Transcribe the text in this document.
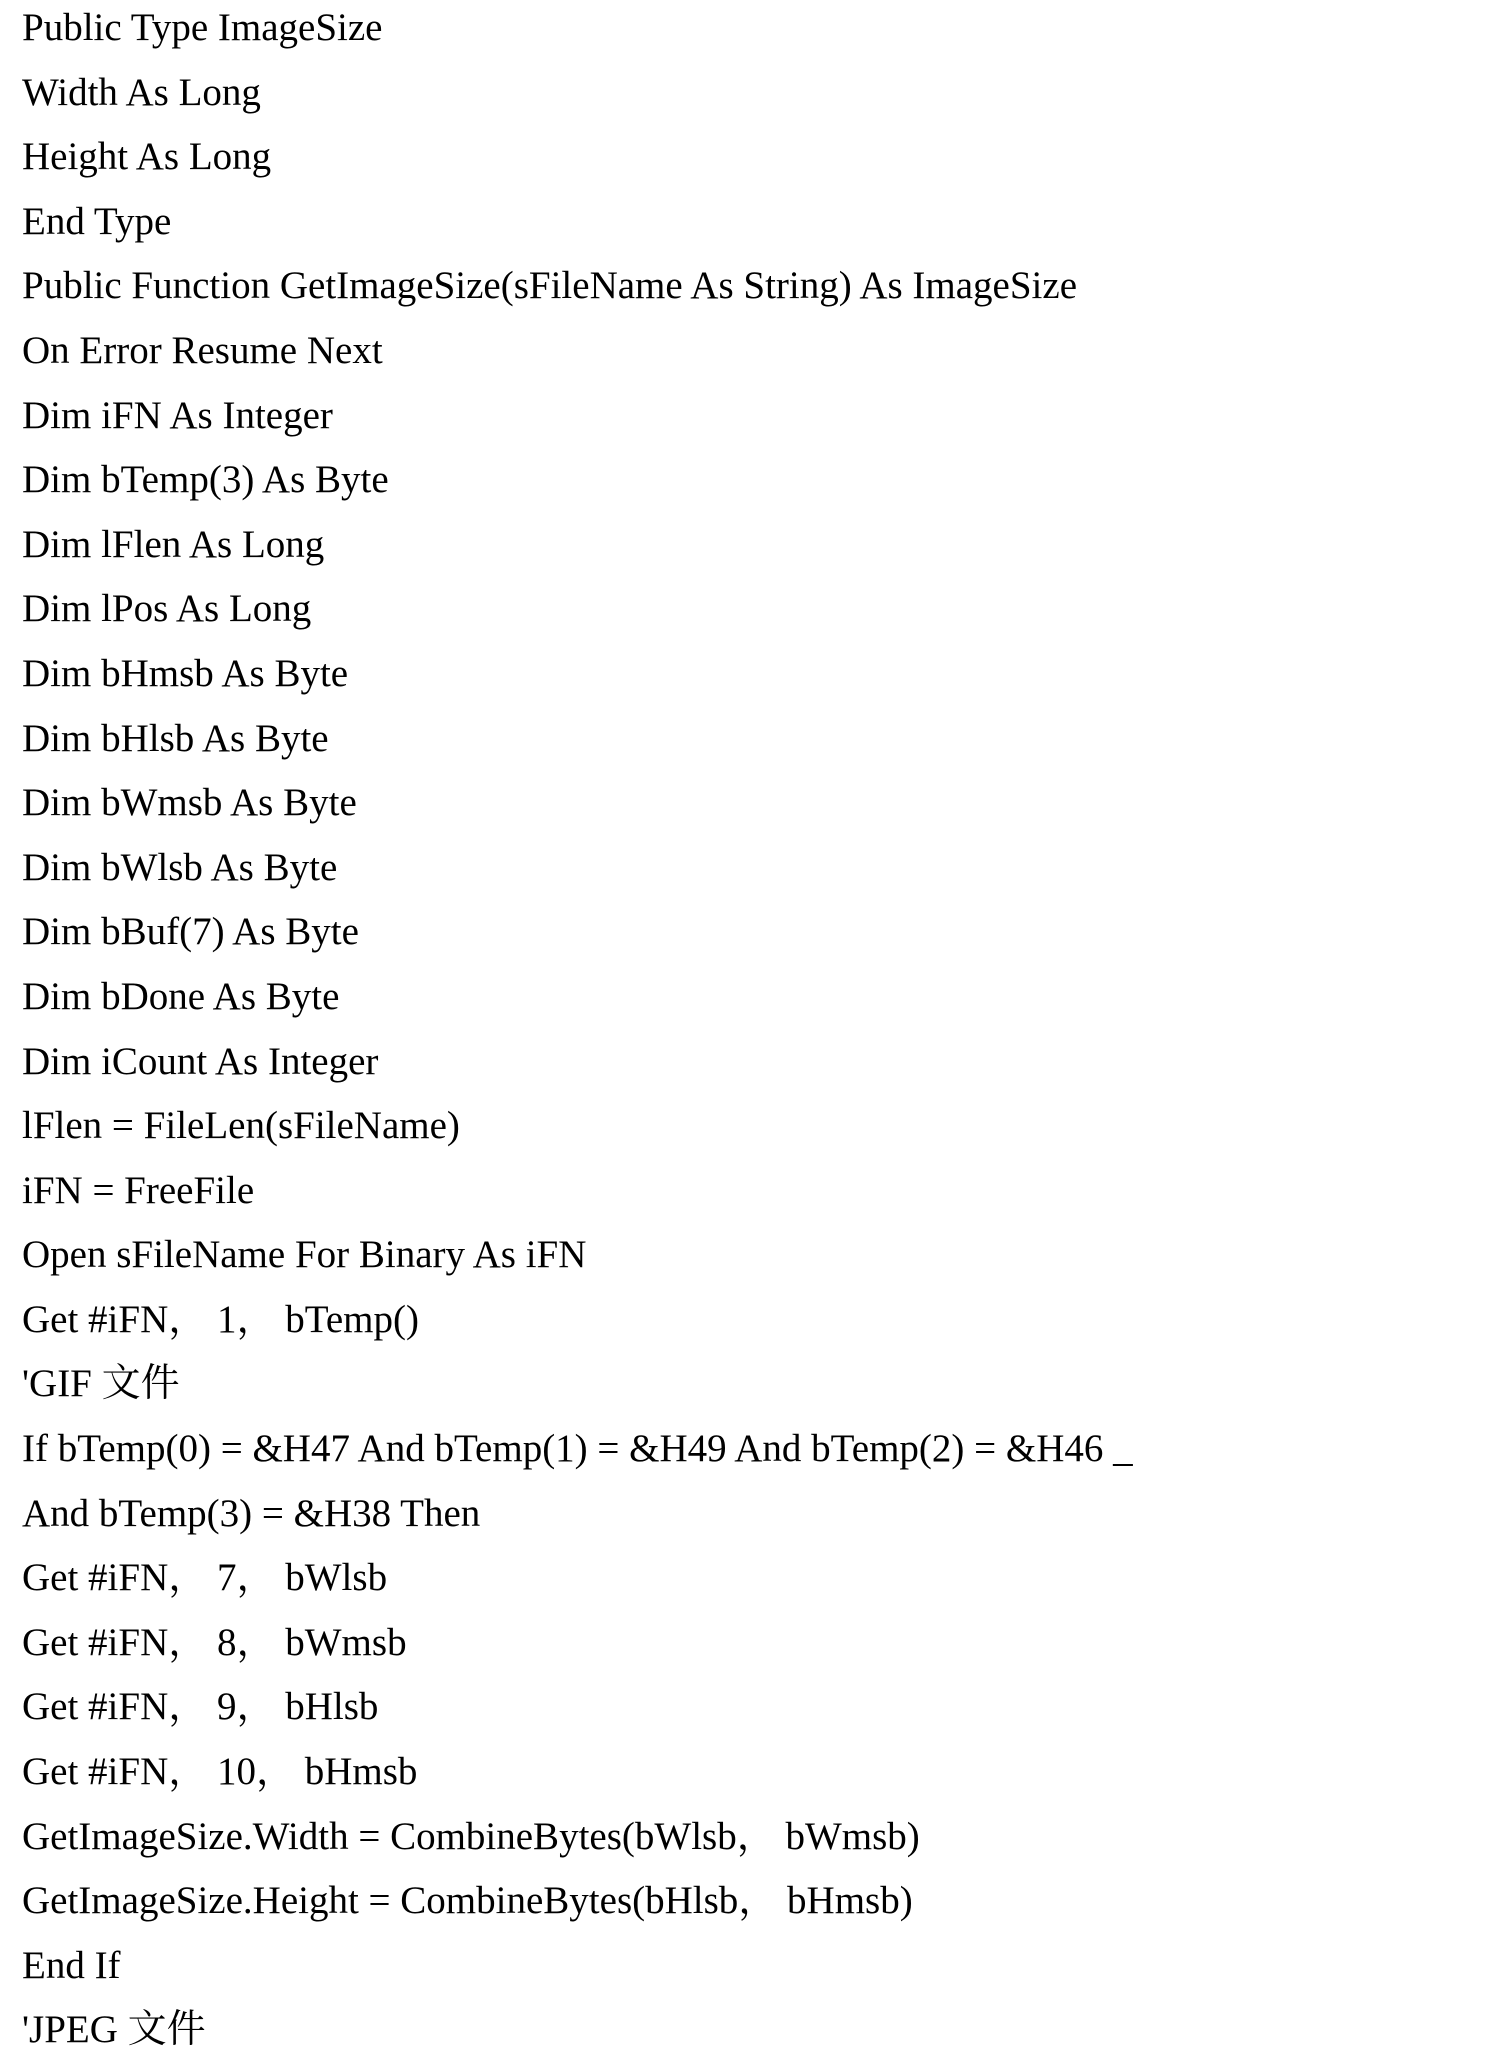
Public Type ImageSize
Width As Long
Height As Long
End Type
Public Function GetImageSize(sFileName As String) As ImageSize
On Error Resume Next
Dim iFN As Integer
Dim bTemp(3) As Byte
Dim lFlen As Long
Dim lPos As Long
Dim bHmsb As Byte
Dim bHlsb As Byte
Dim bWmsb As Byte
Dim bWlsb As Byte
Dim bBuf(7) As Byte
Dim bDone As Byte
Dim iCount As Integer
lFlen = FileLen(sFileName)
iFN = FreeFile
Open sFileName For Binary As iFN
Get #iFN， 1， bTemp()
'GIF 文件
If bTemp(0) = &H47 And bTemp(1) = &H49 And bTemp(2) = &H46 _
And bTemp(3) = &H38 Then
Get #iFN， 7， bWlsb
Get #iFN， 8， bWmsb
Get #iFN， 9， bHlsb
Get #iFN， 10， bHmsb
GetImageSize.Width = CombineBytes(bWlsb， bWmsb)
GetImageSize.Height = CombineBytes(bHlsb， bHmsb)
End If
'JPEG 文件
